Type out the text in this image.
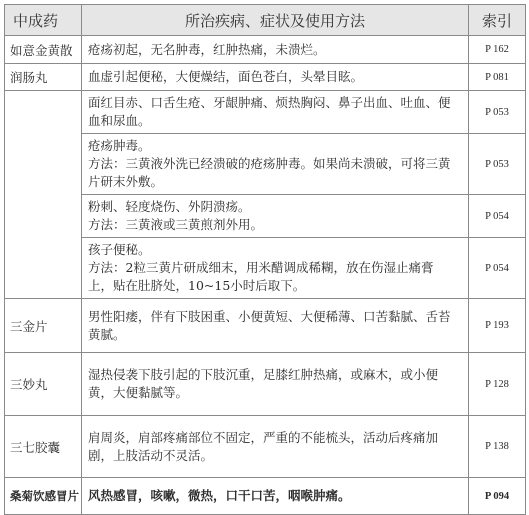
中成药	所治疾病、症状及使用方法	索引
如意金黄散	疮疡初起，无名肿毒，红肿热痛，未溃烂。	P 162
润肠丸	血虚引起便秘，大便燥结，面色苍白，头晕目眩。	P 081

	面红目赤、口舌生疮、牙龈肿痛、烦热胸闷、鼻子出血、吐血、便
血和尿血。	P 053

	疮疡肿毒。
方法：三黄液外洗已经溃破的疮疡肿毒。如果尚未溃破，可将三黄
片研末外敷。	P 053

	粉刺、轻度烧伤、外阴溃疡。
方法：三黄液或三黄煎剂外用。	P 054

	孩子便秘。
方法：2粒三黄片研成细末，用米醋调成稀糊，放在伤湿止痛膏
上，贴在肚脐处，10~15小时后取下。	P 054
三金片	男性阳痿，伴有下肢困重、小便黄短、大便稀薄、口苦黏腻、舌苔
黄腻。	P 193
三妙丸	湿热侵袭下肢引起的下肢沉重，足膝红肿热痛，或麻木，或小便
黄，大便黏腻等。	P 128
三七胶囊	肩周炎，肩部疼痛部位不固定，严重的不能梳头，活动后疼痛加
剧，上肢活动不灵活。	P 138
桑菊饮感冒片	风热感冒，咳嗽，微热，口干口苦，咽喉肿痛。	P 094
